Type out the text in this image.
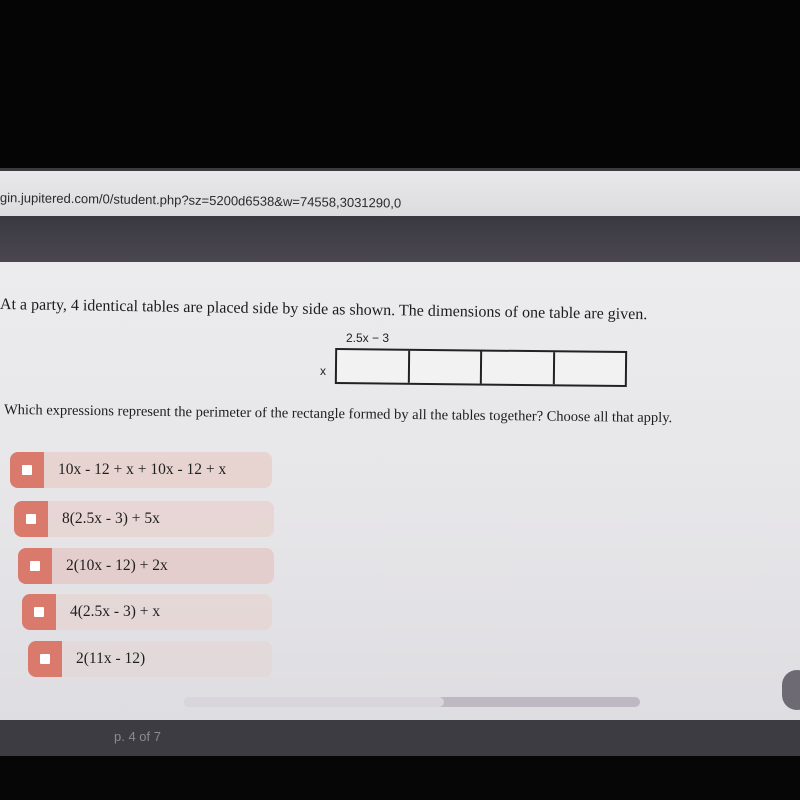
gin.jupitered.com/0/student.php?sz=5200d6538&w=74558,3031290,0
At a party, 4 identical tables are placed side by side as shown. The dimensions of one table are given.
2.5x − 3
x
Which expressions represent the perimeter of the rectangle formed by all the tables together? Choose all that apply.
10x - 12 + x + 10x - 12 + x
8(2.5x - 3) + 5x
2(10x - 12) + 2x
4(2.5x - 3) + x
2(11x - 12)
p. 4 of 7
